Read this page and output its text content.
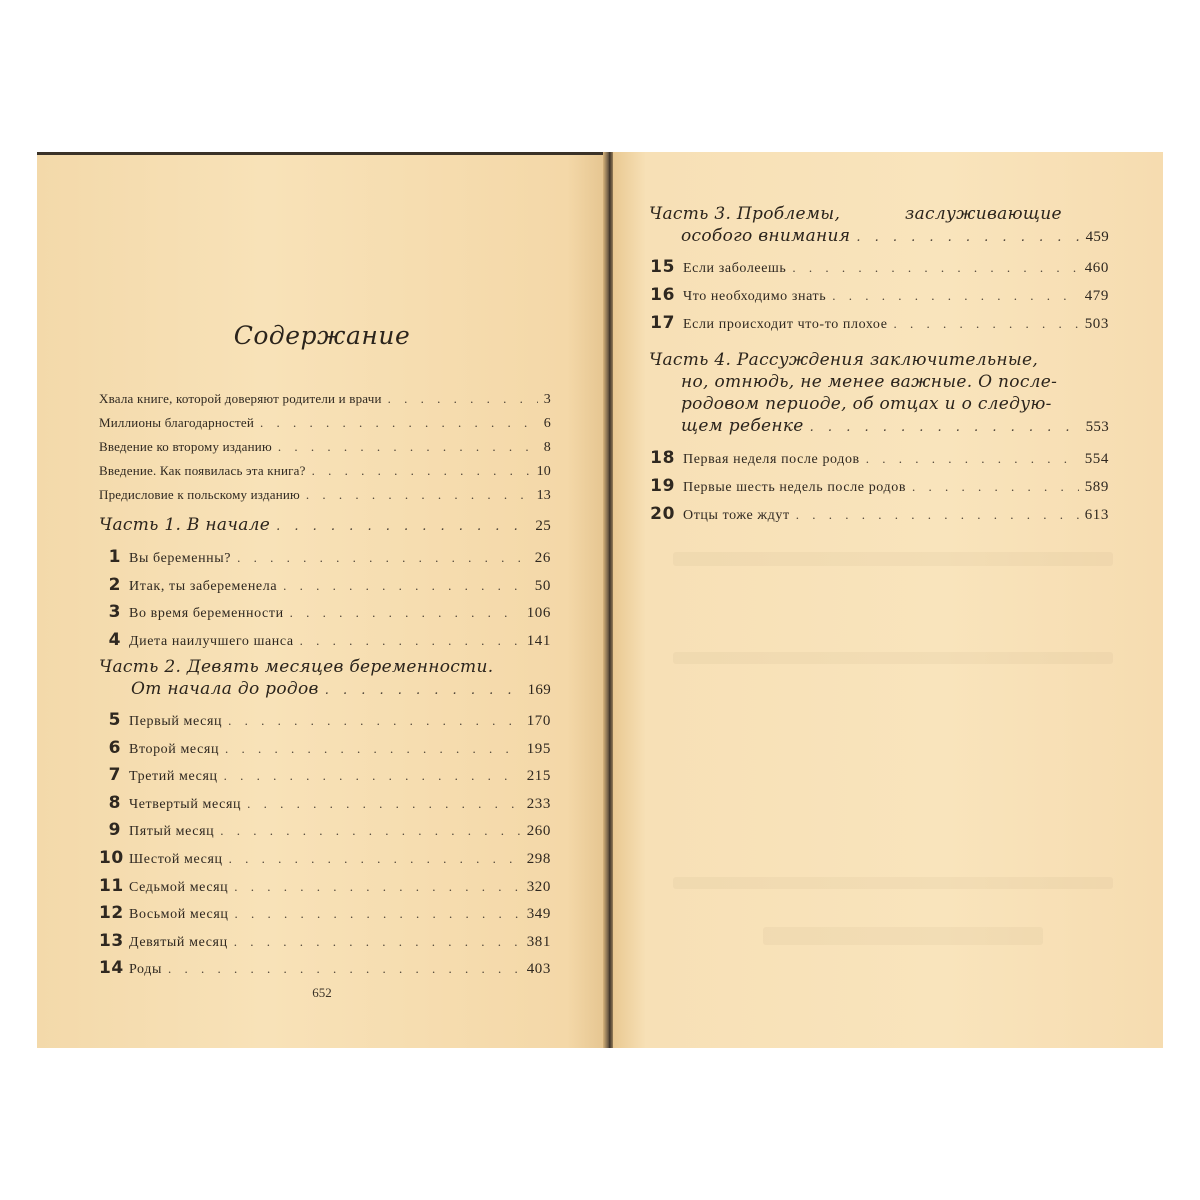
Содержание
Хвала книге, которой доверяют родители и врачи . . .	3
Миллионы благодарностей . . .	6
Введение ко второму изданию . . .	8
Введение. Как появилась эта книга? . . .	10
Предисловие к польскому изданию . . .	13
Часть 1. В начале . . .	25
1 Вы беременны? . . .	26
2 Итак, ты забеременела . . .	50
3 Во время беременности . . .	106
4 Диета наилучшего шанса . . .	141
Часть 2. Девять месяцев беременности.
От начала до родов . . .	169
5 Первый месяц . . .	170
6 Второй месяц . . .	195
7 Третий месяц . . .	215
8 Четвертый месяц . . .	233
9 Пятый месяц . . .	260
10 Шестой месяц . . .	298
11 Седьмой месяц . . .	320
12 Восьмой месяц . . .	349
13 Девятый месяц . . .	381
14 Роды . . .	403
652
Часть 3. Проблемы,	заслуживающие
особого внимания . . .	459
15 Если заболеешь . . .	460
16 Что необходимо знать . . .	479
17 Если происходит что-то плохое . . .	503
Часть 4. Рассуждения заключительные,
но, отнюдь, не менее важные. О после-
родовом периоде, об отцах и о следую-
щем ребенке . . .	553
18 Первая неделя после родов . . .	554
19 Первые шесть недель после родов . . .	589
20 Отцы тоже ждут . . .	613
